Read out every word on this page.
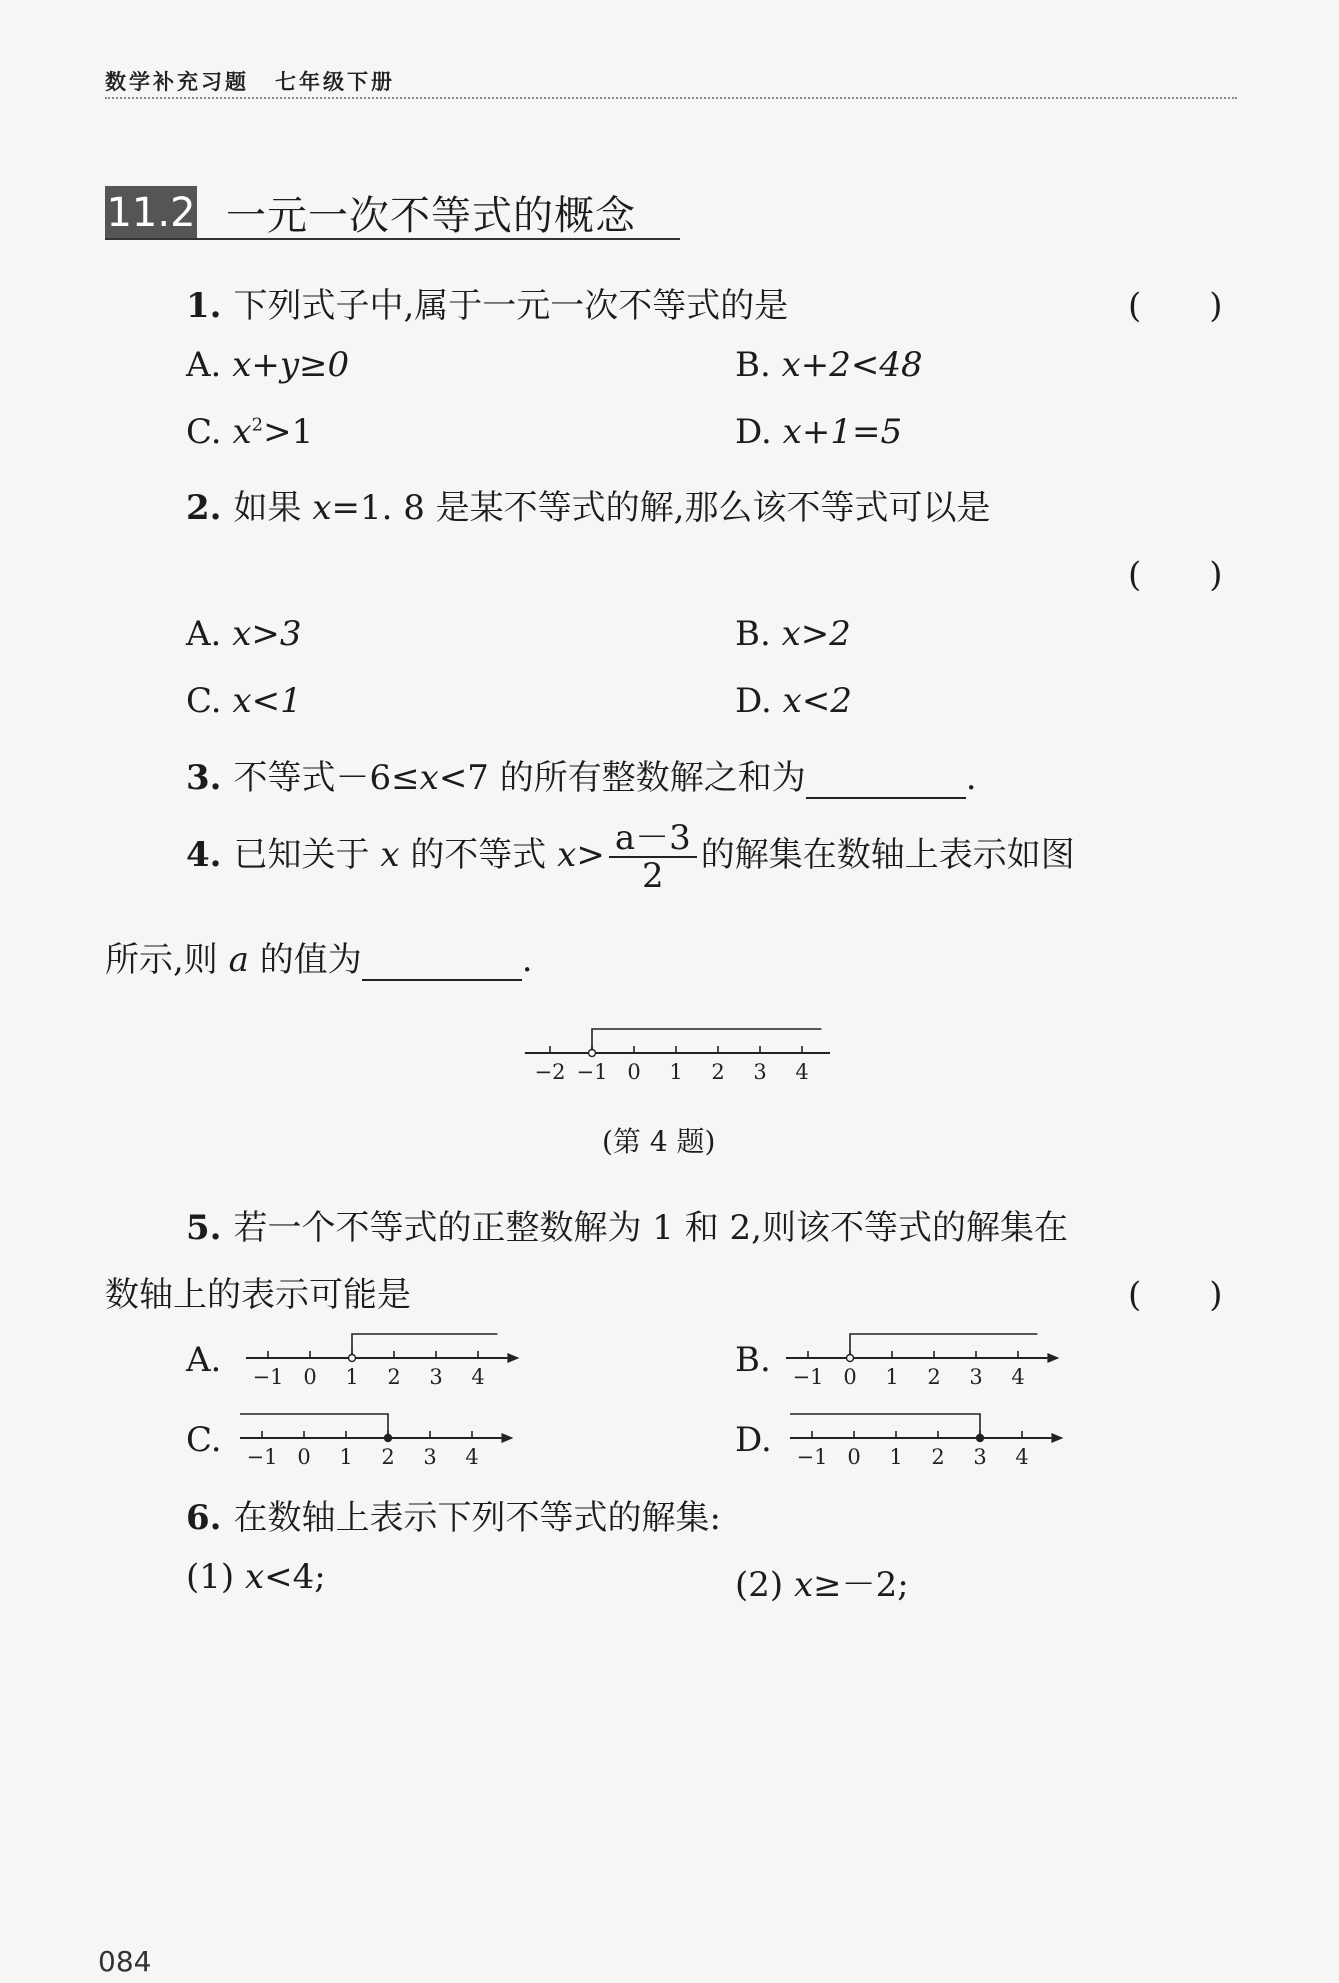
数学补充习题 七年级下册
11.2 一元一次不等式的概念
1. 下列式子中,属于一元一次不等式的是	(　　)
A. x+y≥0	B. x+2<48
C. $x^2>1$	D. x+1=5
2. 如果 x=1. 8 是某不等式的解,那么该不等式可以是
(　　)
A. x>3	B. x>2
C. x<1	D. x<2
3. 不等式－6≤x<7 的所有整数解之和为	.
4. 已知关于 x 的不等式 $x> \frac{a-3}{2}$ 的解集在数轴上表示如图
所示,则 a 的值为	.
−2 −1 0 1 2 3 4
(第 4 题)
5. 若一个不等式的正整数解为 1 和 2,则该不等式的解集在
数轴上的表示可能是	(　　)
A. −1 0 1 2 3 4	B. −1 0 1 2 3 4
C. −1 0 1 2 3 4	D. −1 0 1 2 3 4
6. 在数轴上表示下列不等式的解集:
(1) x<4;	(2) x≥－2;
084
